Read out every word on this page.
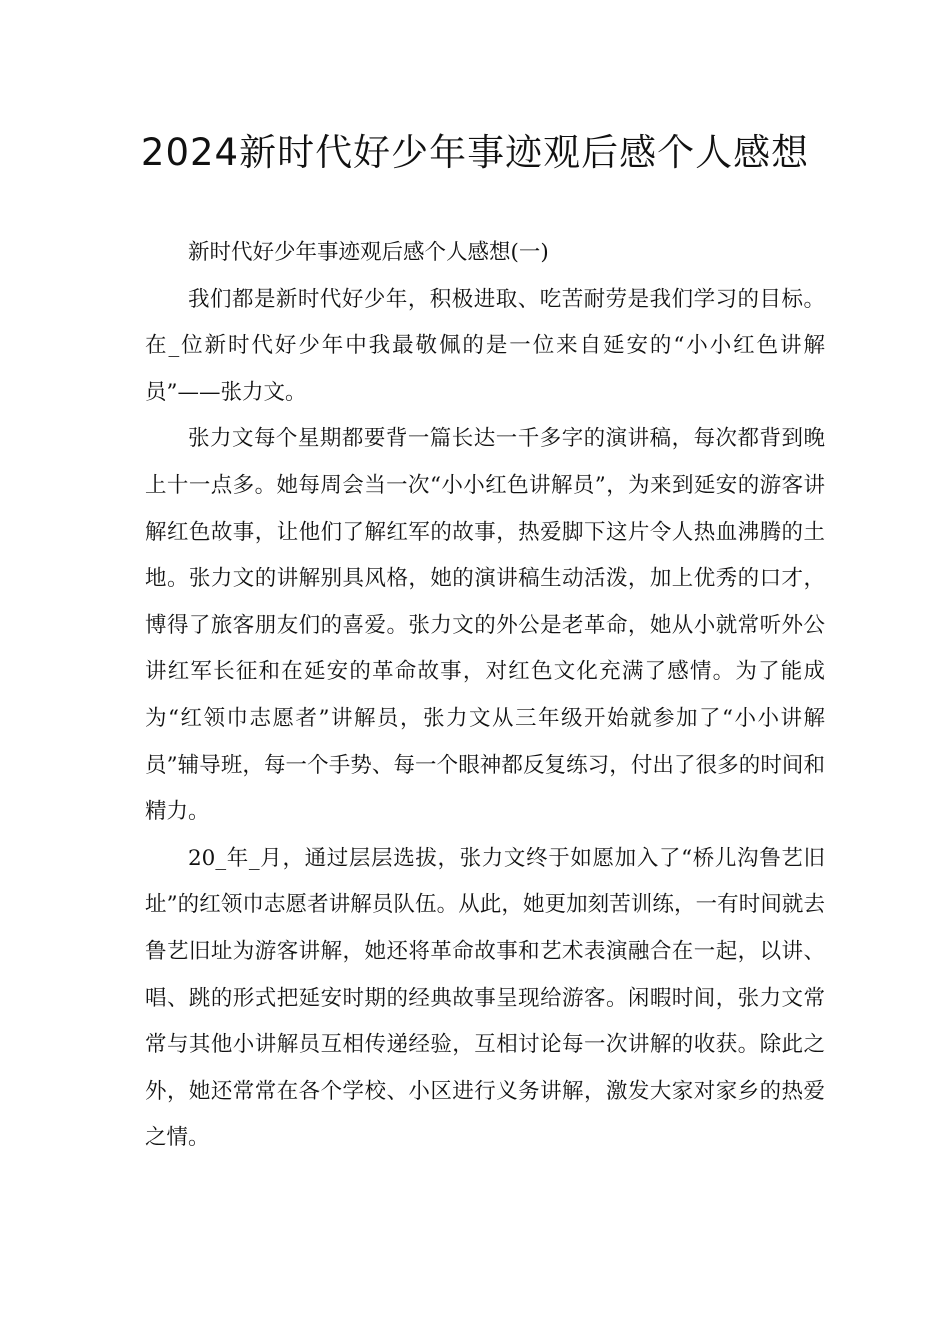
2024新时代好少年事迹观后感个人感想

新时代好少年事迹观后感个人感想(一)

我们都是新时代好少年，积极进取、吃苦耐劳是我们学习的目标。在_位新时代好少年中我最敬佩的是一位来自延安的“小小红色讲解员”——张力文。

张力文每个星期都要背一篇长达一千多字的演讲稿，每次都背到晚上十一点多。她每周会当一次“小小红色讲解员”，为来到延安的游客讲解红色故事，让他们了解红军的故事，热爱脚下这片令人热血沸腾的土地。张力文的讲解别具风格，她的演讲稿生动活泼，加上优秀的口才，博得了旅客朋友们的喜爱。张力文的外公是老革命，她从小就常听外公讲红军长征和在延安的革命故事，对红色文化充满了感情。为了能成为“红领巾志愿者”讲解员，张力文从三年级开始就参加了“小小讲解员”辅导班，每一个手势、每一个眼神都反复练习，付出了很多的时间和精力。

20_年_月，通过层层选拔，张力文终于如愿加入了“桥儿沟鲁艺旧址”的红领巾志愿者讲解员队伍。从此，她更加刻苦训练，一有时间就去鲁艺旧址为游客讲解，她还将革命故事和艺术表演融合在一起，以讲、唱、跳的形式把延安时期的经典故事呈现给游客。闲暇时间，张力文常常与其他小讲解员互相传递经验，互相讨论每一次讲解的收获。除此之外，她还常常在各个学校、小区进行义务讲解，激发大家对家乡的热爱之情。
